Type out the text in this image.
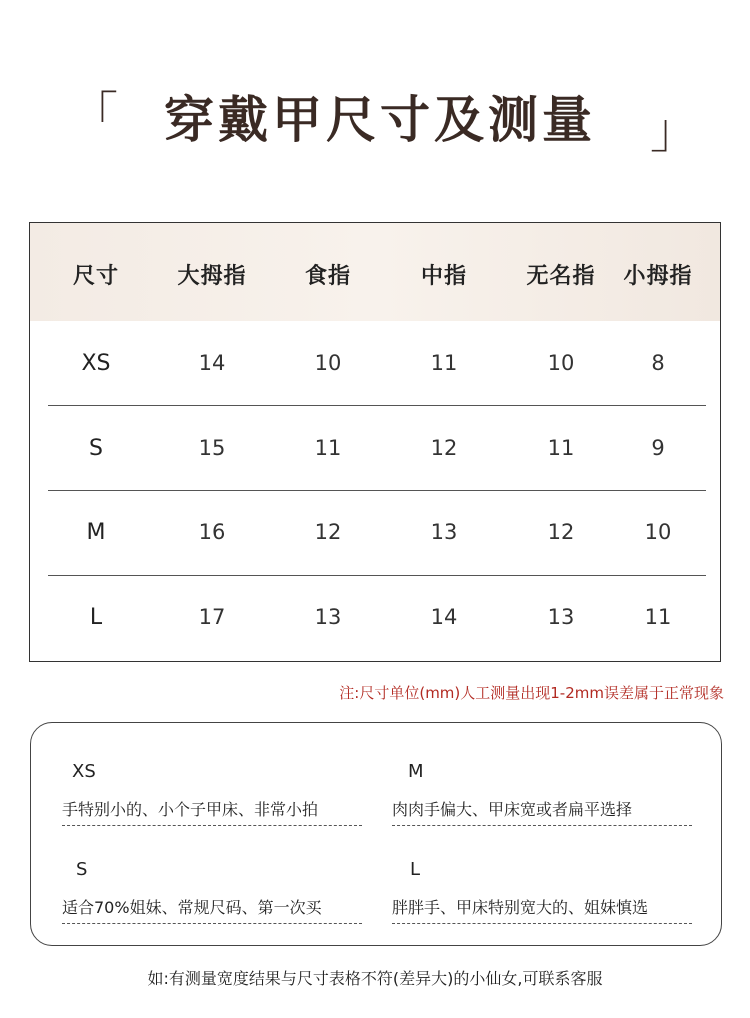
「 穿戴甲尺寸及测量	」
尺寸	大拇指	食指	中指	无名指 小拇指
XS	14	10	11	10	8
S	15	11	12	11	9
M	16	12	13	12	10
L	17	13	14	13	11
注:尺寸单位(mm)人工测量出现1-2mm误差属于正常现象
XS
手特别小的、小个子甲床、非常小拍
M
肉肉手偏大、甲床宽或者扁平选择
S
适合70%姐妹、常规尺码、第一次买
L
胖胖手、甲床特别宽大的、姐妹慎选
如:有测量宽度结果与尺寸表格不符(差异大)的小仙女,可联系客服
